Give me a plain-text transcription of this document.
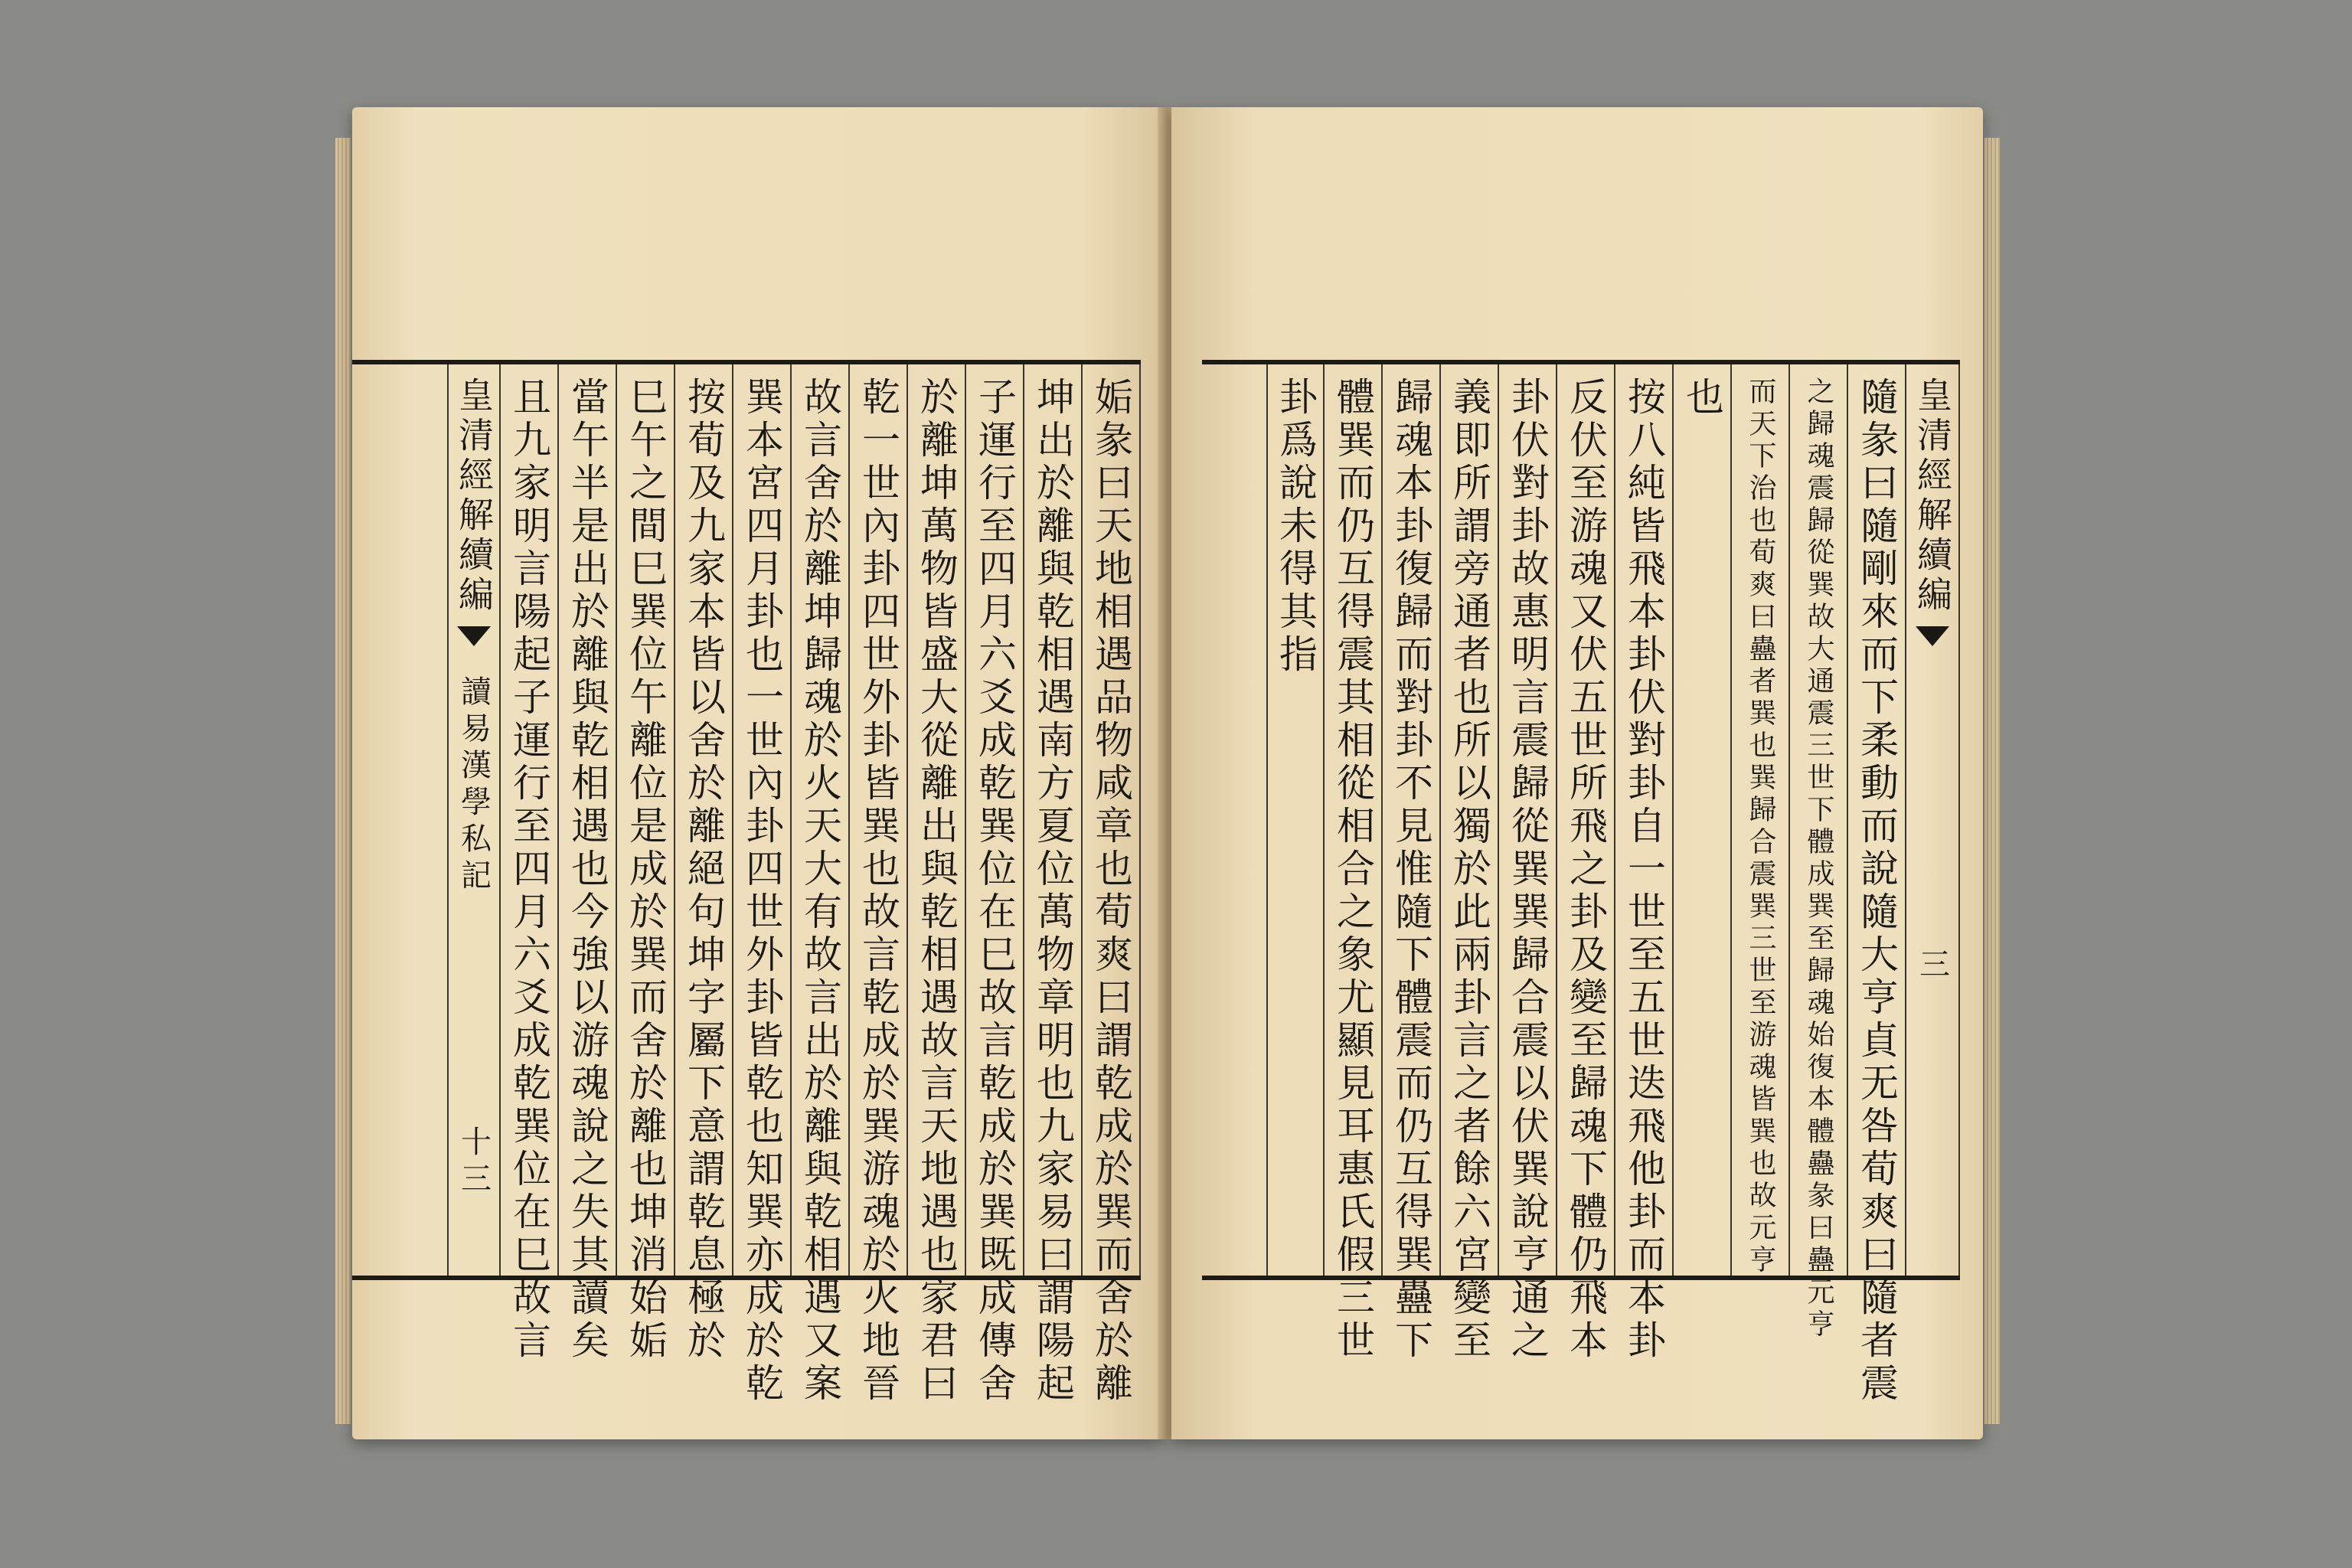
姤彖曰天地相遇品物咸章也荀爽曰謂乾成於巽而舍於離
坤出於離與乾相遇南方夏位萬物章明也九家易曰謂陽起
子運行至四月六爻成乾巽位在巳故言乾成於巽既成傳舍
於離坤萬物皆盛大從離出與乾相遇故言天地遇也家君曰
乾一世內卦四世外卦皆巽也故言乾成於巽游魂於火地晉
故言舍於離坤歸魂於火天大有故言出於離與乾相遇又案
巽本宮四月卦也一世內卦四世外卦皆乾也知巽亦成於乾
按荀及九家本皆以舍於離絕句坤字屬下意謂乾息極於
巳午之間巳巽位午離位是成於巽而舍於離也坤消始姤
當午半是出於離與乾相遇也今強以游魂說之失其讀矣
且九家明言陽起子運行至四月六爻成乾巽位在巳故言
皇清經解續編
讀易漢學私記
十三
皇清經解續編
三
隨彖曰隨剛來而下柔動而說隨大亨貞无咎荀爽曰隨者震
之歸魂震歸從巽故大通震三世下體成巽至歸魂始復本體蠱彖曰蠱元亨
而天下治也荀爽曰蠱者巽也巽歸合震巽三世至游魂皆巽也故元亨
也
按八純皆飛本卦伏對卦自一世至五世迭飛他卦而本卦
反伏至游魂又伏五世所飛之卦及變至歸魂下體仍飛本
卦伏對卦故惠明言震歸從巽巽歸合震以伏巽說亨通之
義即所謂旁通者也所以獨於此兩卦言之者餘六宮變至
歸魂本卦復歸而對卦不見惟隨下體震而仍互得巽蠱下
體巽而仍互得震其相從相合之象尤顯見耳惠氏假三世
卦爲說未得其指
